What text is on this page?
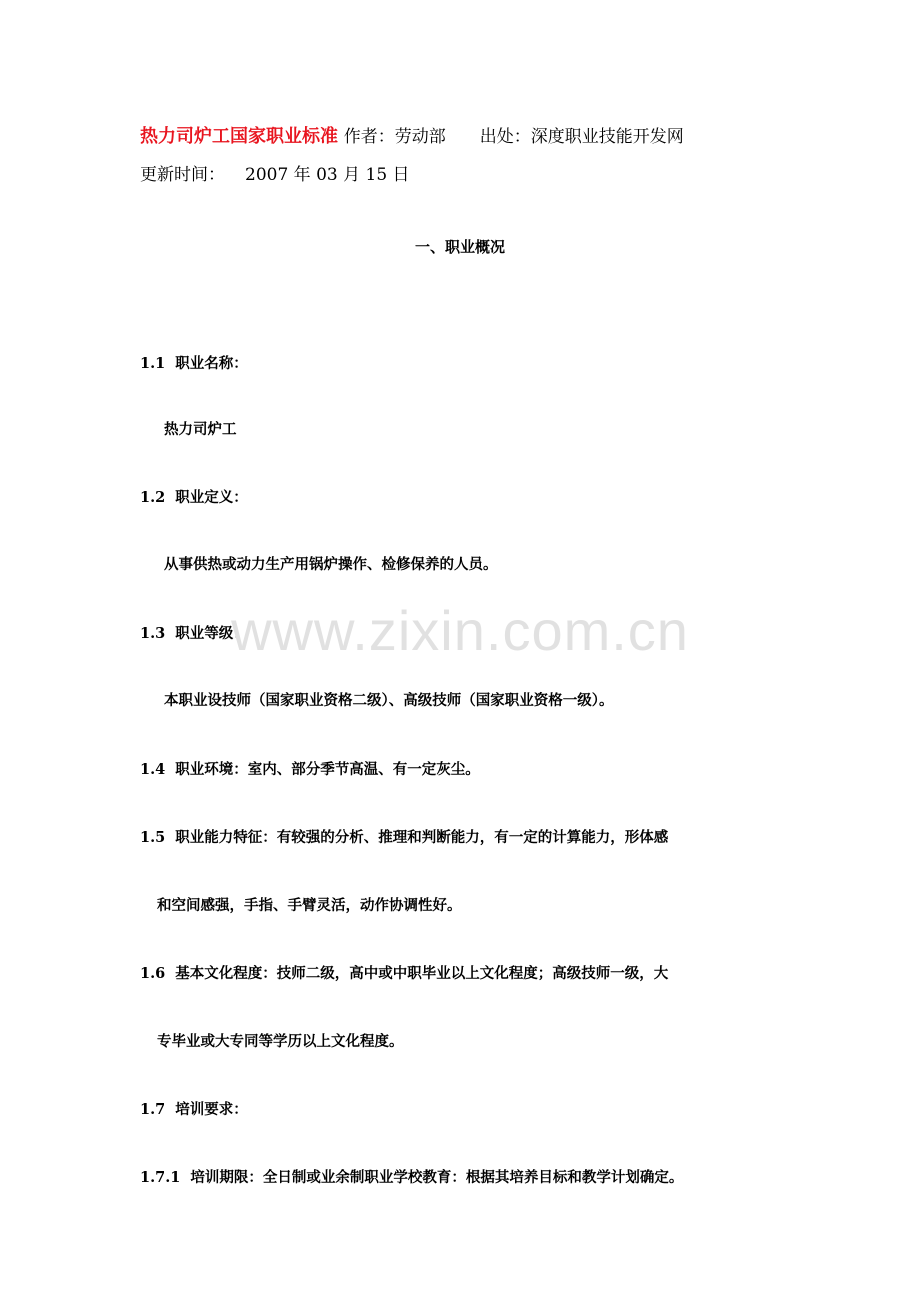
热力司炉工国家职业标准 作者：劳动部 出处：深度职业技能开发网
更新时间： 2007 年 03 月 15 日
一、职业概况
1.1 职业名称：
热力司炉工
1.2 职业定义：
从事供热或动力生产用锅炉操作、检修保养的人员。
1.3 职业等级：
本职业设技师（国家职业资格二级）、高级技师（国家职业资格一级）。
1.4 职业环境：室内、部分季节高温、有一定灰尘。
1.5 职业能力特征：有较强的分析、推理和判断能力，有一定的计算能力，形体感
和空间感强，手指、手臂灵活，动作协调性好。
1.6 基本文化程度：技师二级，高中或中职毕业以上文化程度；高级技师一级，大
专毕业或大专同等学历以上文化程度。
1.7 培训要求：
1.7.1 培训期限：全日制或业余制职业学校教育：根据其培养目标和教学计划确定。
www.zixin.com.cn
